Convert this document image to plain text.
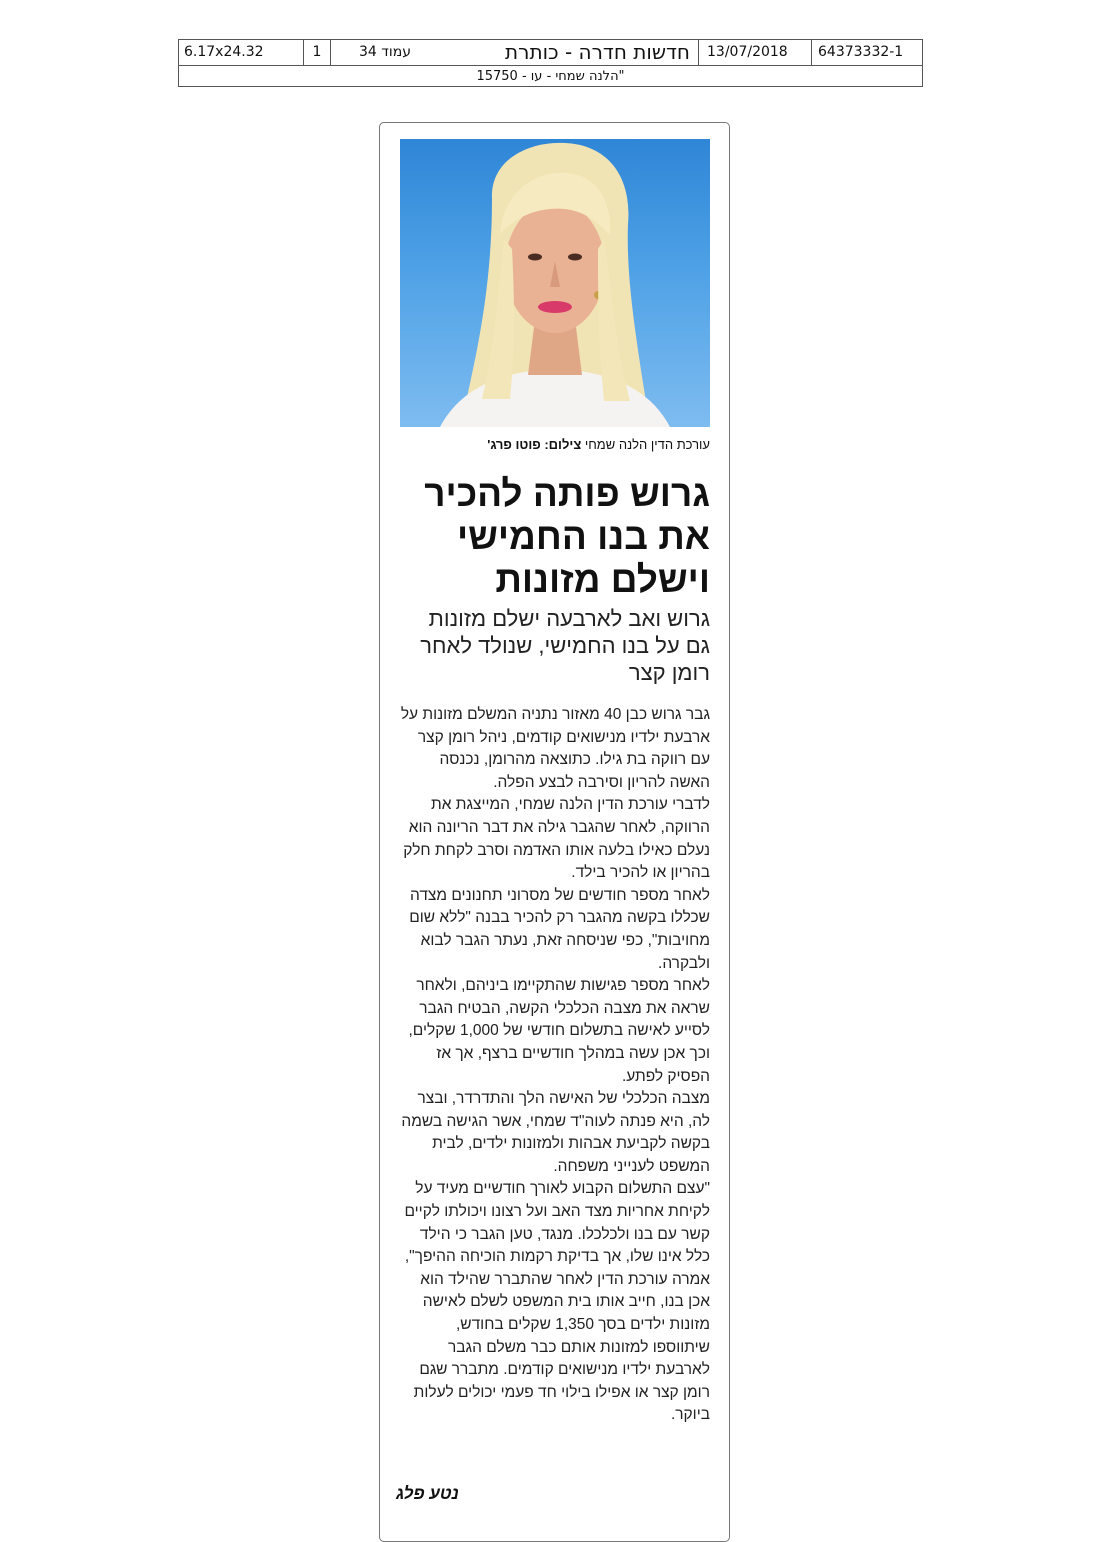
6.17x24.32	1	עמוד 34	חדשות חדרה - כותרת	13/07/2018	64373332-1
"הלנה שמחי - עו - 15750
עורכת הדין הלנה שמחי צילום: פוטו פרג'
גרוש פותה להכיר את בנו החמישי וישלם מזונות
גרוש ואב לארבעה ישלם מזונות גם על בנו החמישי, שנולד לאחר רומן קצר

גבר גרוש כבן 40 מאזור נתניה המשלם מזונות על ארבעת ילדיו מנישואים קודמים, ניהל רומן קצר עם רווקה בת גילו. כתוצאה מהרומן, נכנסה האשה להריון וסירבה לבצע הפלה.

לדברי עורכת הדין הלנה שמחי, המייצגת את הרווקה, לאחר שהגבר גילה את דבר הריונה הוא נעלם כאילו בלעה אותו האדמה וסרב לקחת חלק בהריון או להכיר בילד.

לאחר מספר חודשים של מסרוני תחנונים מצדה שכללו בקשה מהגבר רק להכיר בבנה "ללא שום מחויבות", כפי שניסחה זאת, נעתר הגבר לבוא ולבקרה.

לאחר מספר פגישות שהתקיימו ביניהם, ולאחר שראה את מצבה הכלכלי הקשה, הבטיח הגבר לסייע לאישה בתשלום חודשי של 1,000 שקלים, וכך אכן עשה במהלך חודשיים ברצף, אך אז הפסיק לפתע.

מצבה הכלכלי של האישה הלך והתדרדר, ובצר לה, היא פנתה לעוה"ד שמחי, אשר הגישה בשמה בקשה לקביעת אבהות ולמזונות ילדים, לבית המשפט לענייני משפחה.

"עצם התשלום הקבוע לאורך חודשיים מעיד על לקיחת אחריות מצד האב ועל רצונו ויכולתו לקיים קשר עם בנו ולכלכלו. מנגד, טען הגבר כי הילד כלל אינו שלו, אך בדיקת רקמות הוכיחה ההיפך", אמרה עורכת הדין לאחר שהתברר שהילד הוא אכן בנו, חייב אותו בית המשפט לשלם לאישה מזונות ילדים בסך 1,350 שקלים בחודש, שיתווספו למזונות אותם כבר משלם הגבר לארבעת ילדיו מנישואים קודמים. מתברר שגם רומן קצר או אפילו בילוי חד פעמי יכולים לעלות ביוקר.

נטע פלג
